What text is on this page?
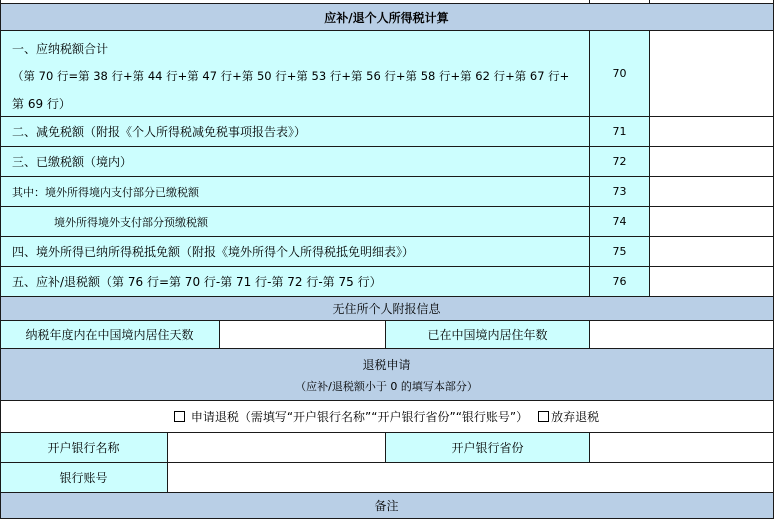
应补/退个人所得税计算
一、应纳税额合计
（第 70 行=第 38 行+第 44 行+第 47 行+第 50 行+第 53 行+第 56 行+第 58 行+第 62 行+第 67 行+
第 69 行）
70
二、减免税额（附报《个人所得税减免税事项报告表》）	71
三、已缴税额（境内）	72
其中：境外所得境内支付部分已缴税额	73
境外所得境外支付部分预缴税额	74
四、境外所得已纳所得税抵免额（附报《境外所得个人所得税抵免明细表》）	75
五、应补/退税额（第 76 行=第 70 行-第 71 行-第 72 行-第 75 行）	76
无住所个人附报信息
纳税年度内在中国境内居住天数	已在中国境内居住年数
退税申请
（应补/退税额小于 0 的填写本部分）
申请退税（需填写“开户银行名称”“开户银行省份”“银行账号”） 放弃退税
开户银行名称	开户银行省份
银行账号
备注
